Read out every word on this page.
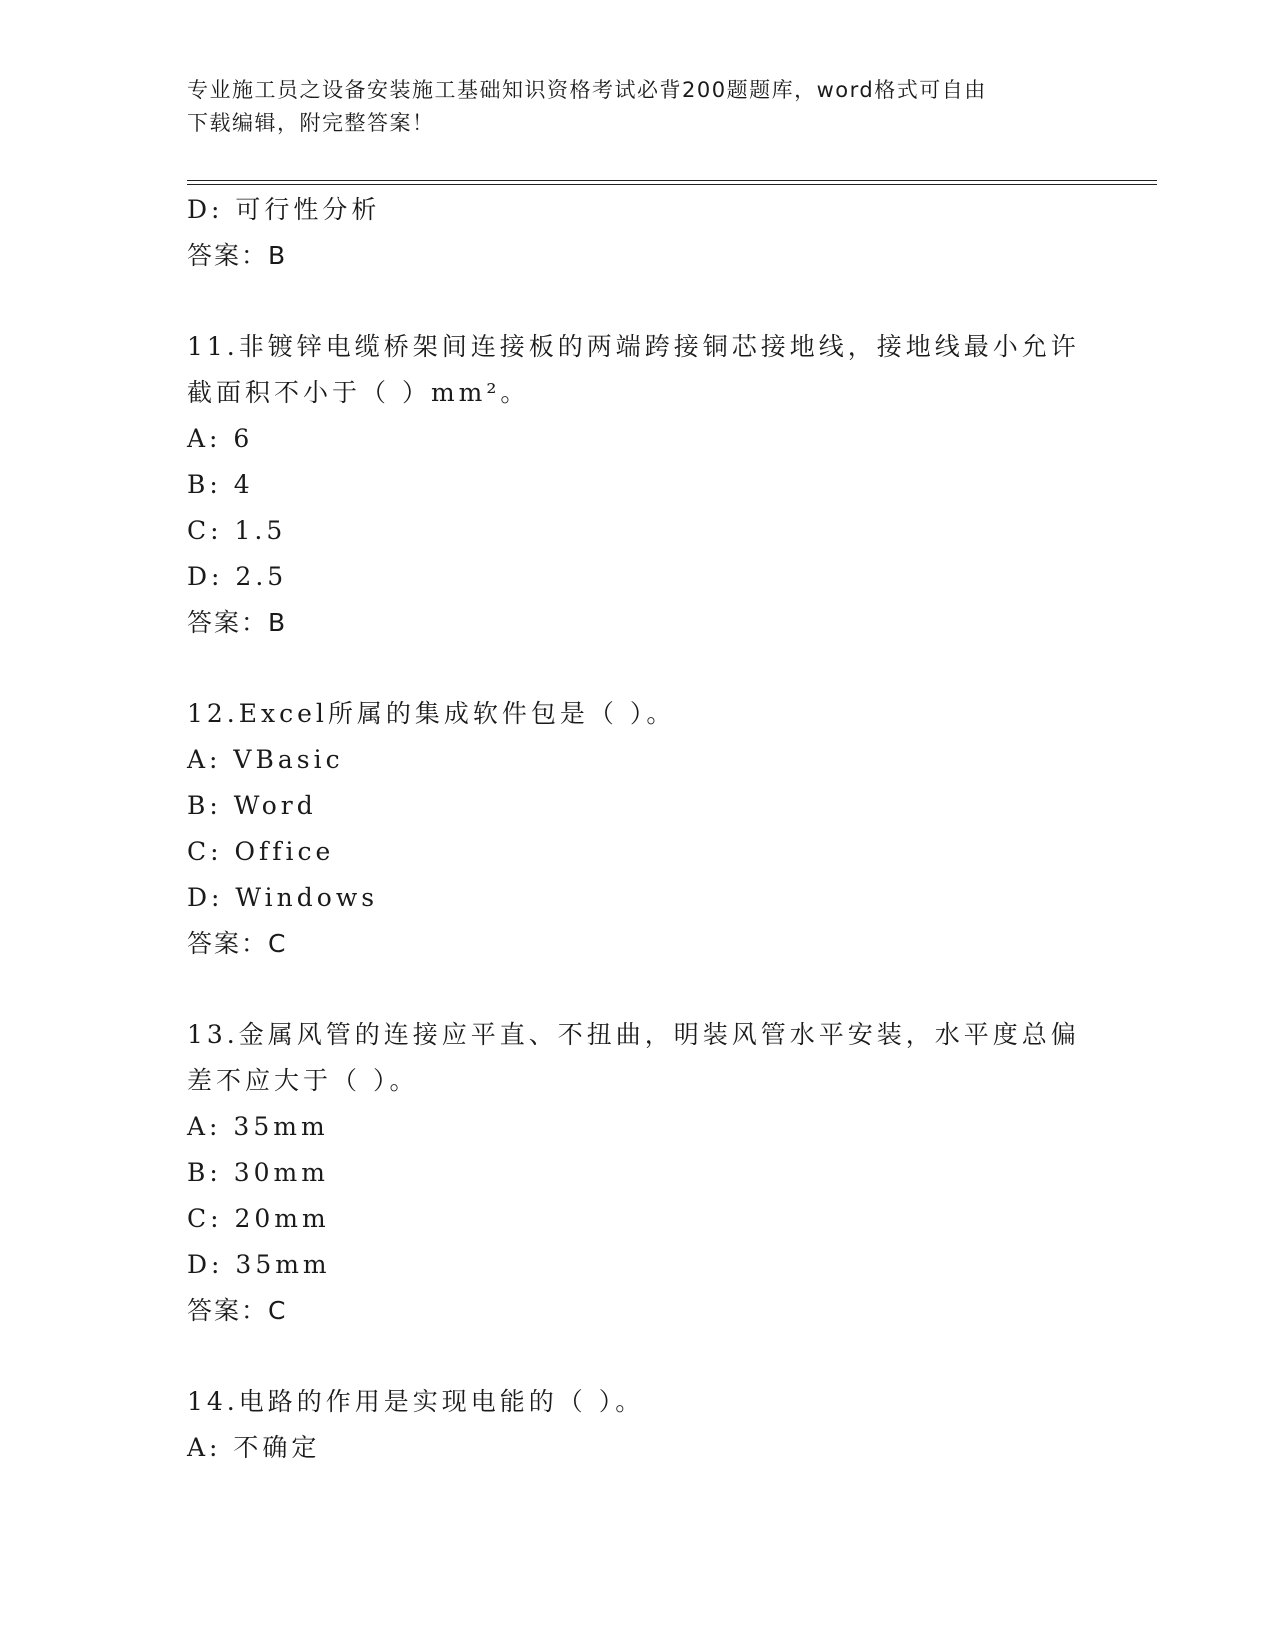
专业施工员之设备安装施工基础知识资格考试必背200题题库，word格式可自由
下载编辑，附完整答案！
D: 可行性分析
答案：B
11.非镀锌电缆桥架间连接板的两端跨接铜芯接地线，接地线最小允许
截面积不小于（ ）mm²。
A: 6
B: 4
C: 1.5
D: 2.5
答案：B
12.Excel所属的集成软件包是（ ）。
A: VBasic
B: Word
C: Office
D: Windows
答案：C
13.金属风管的连接应平直、不扭曲，明装风管水平安装，水平度总偏
差不应大于（ ）。
A: 35mm
B: 30mm
C: 20mm
D: 35mm
答案：C
14.电路的作用是实现电能的（ ）。
A: 不确定
